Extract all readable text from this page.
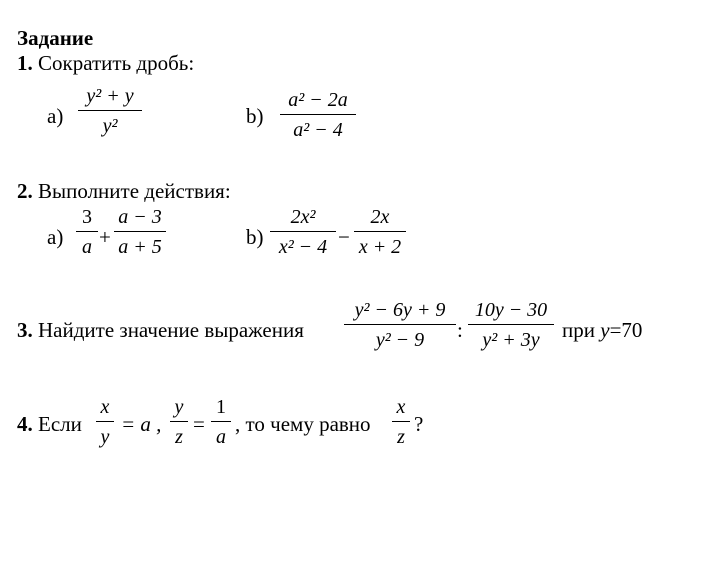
Задание
1. Сократить дробь:
a)
y² + y
y²	b)
a² − 2a
a² − 4
2. Выполните действия:
a)
3
a +
a − 3
a + 5	b)
2x²
x² − 4 −
2x
x + 2
3. Найдите значение выражения
y² − 6y + 9
y² − 9	:
10y − 30
y² + 3y	при y=70
4. Если
x
y
= a ,
y
z
=
1
a
, то чему равно
x
z
?
